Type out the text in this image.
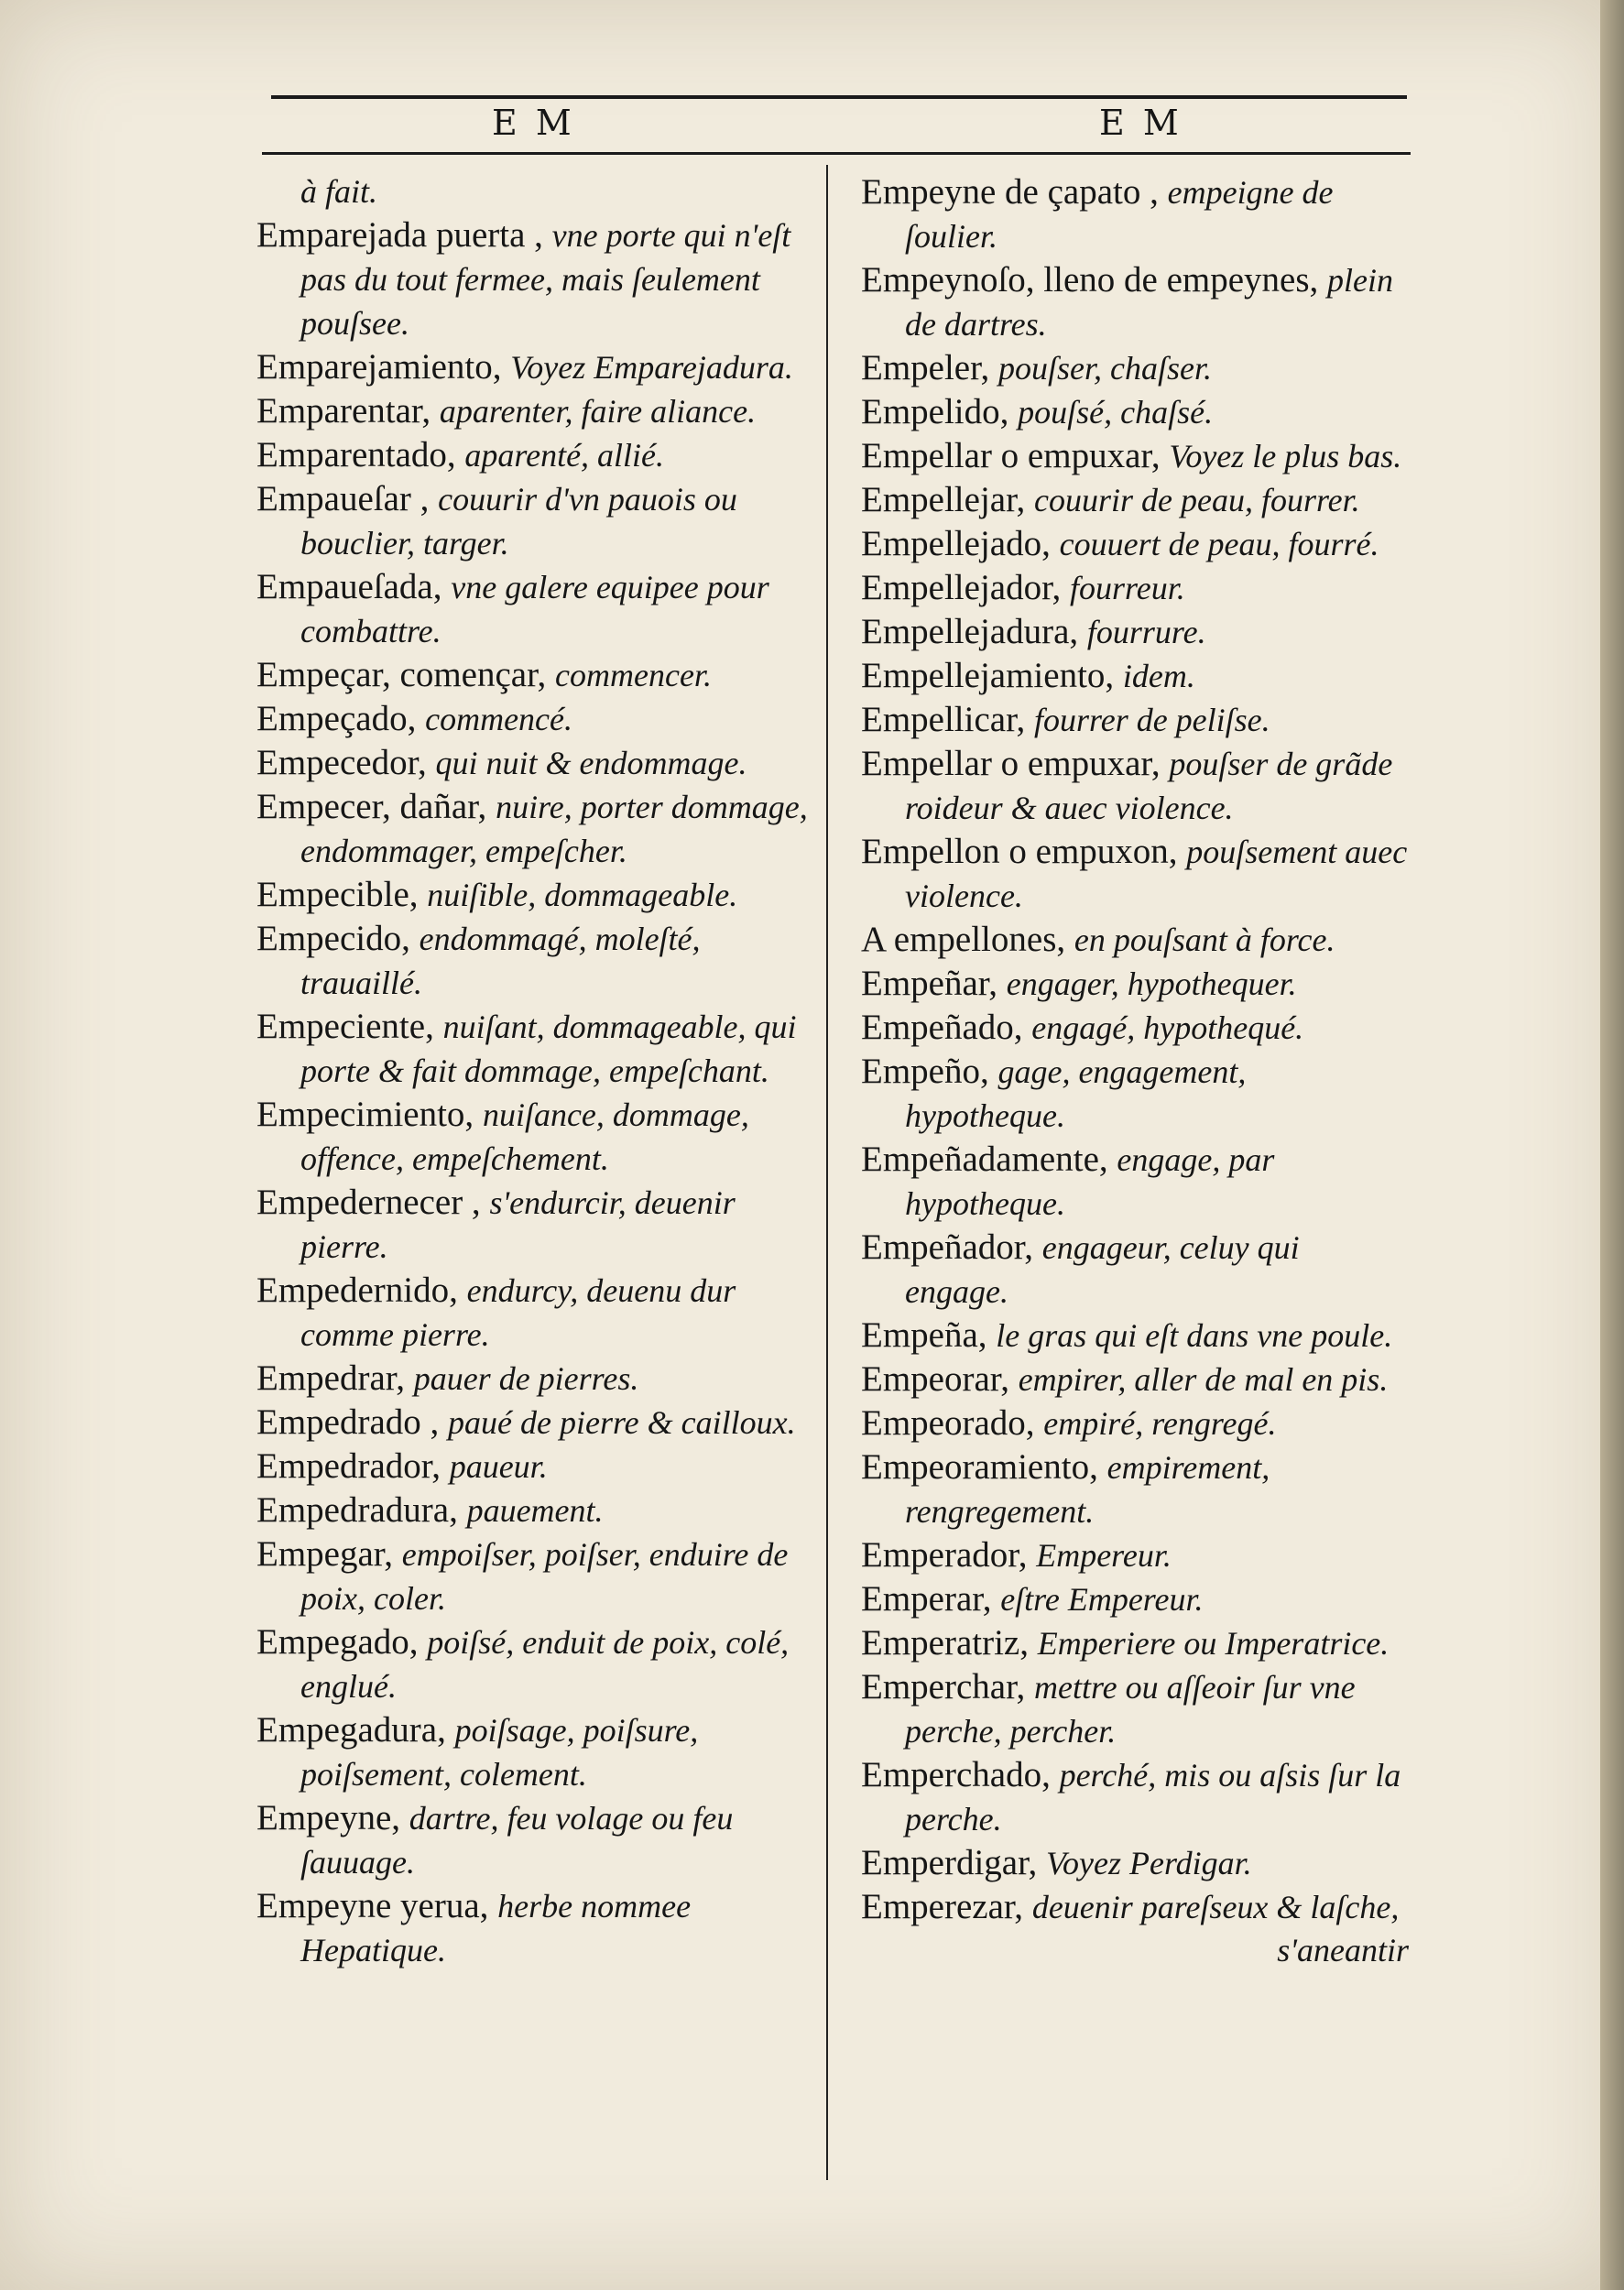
E M	E M
à fait.
Emparejada puerta , vne porte qui n'eſt pas du tout fermee, mais ſeulement pouſsee.
Emparejamiento, Voyez Emparejadura.
Emparentar, aparenter, faire aliance.
Emparentado, aparenté, allié.
Empaueſar , couurir d'vn pauois ou bouclier, targer.
Empaueſada, vne galere equipee pour combattre.
Empeçar, començar, commencer.
Empeçado, commencé.
Empecedor, qui nuit & endommage.
Empecer, dañar, nuire, porter dommage, endommager, empeſcher.
Empecible, nuiſible, dommageable.
Empecido, endommagé, moleſté, trauaillé.
Empeciente, nuiſant, dommageable, qui porte & fait dommage, empeſchant.
Empecimiento, nuiſance, dommage, offence, empeſchement.
Empedernecer , s'endurcir, deuenir pierre.
Empedernido, endurcy, deuenu dur comme pierre.
Empedrar, pauer de pierres.
Empedrado , paué de pierre & cailloux.
Empedrador, paueur.
Empedradura, pauement.
Empegar, empoiſser, poiſser, enduire de poix, coler.
Empegado, poiſsé, enduit de poix, colé, englué.
Empegadura, poiſsage, poiſsure, poiſsement, colement.
Empeyne, dartre, feu volage ou feu ſauuage.
Empeyne yerua, herbe nommee Hepatique.
Empeyne de çapato , empeigne de ſoulier.
Empeynoſo, lleno de empeynes, plein de dartres.
Empeler, pouſser, chaſser.
Empelido, pouſsé, chaſsé.
Empellar o empuxar, Voyez le plus bas.
Empellejar, couurir de peau, fourrer.
Empellejado, couuert de peau, fourré.
Empellejador, fourreur.
Empellejadura, fourrure.
Empellejamiento, idem.
Empellicar, fourrer de peliſse.
Empellar o empuxar, pouſser de grãde roideur & auec violence.
Empellon o empuxon, pouſsement auec violence.
A empellones, en pouſsant à force.
Empeñar, engager, hypothequer.
Empeñado, engagé, hypothequé.
Empeño, gage, engagement, hypotheque.
Empeñadamente, engage, par hypotheque.
Empeñador, engageur, celuy qui engage.
Empeña, le gras qui eſt dans vne poule.
Empeorar, empirer, aller de mal en pis.
Empeorado, empiré, rengregé.
Empeoramiento, empirement, rengregement.
Emperador, Empereur.
Emperar, eſtre Empereur.
Emperatriz, Emperiere ou Imperatrice.
Emperchar, mettre ou aſſeoir ſur vne perche, percher.
Emperchado, perché, mis ou aſsis ſur la perche.
Emperdigar, Voyez Perdigar.
Emperezar, deuenir pareſseux & laſche,
s'aneantir
